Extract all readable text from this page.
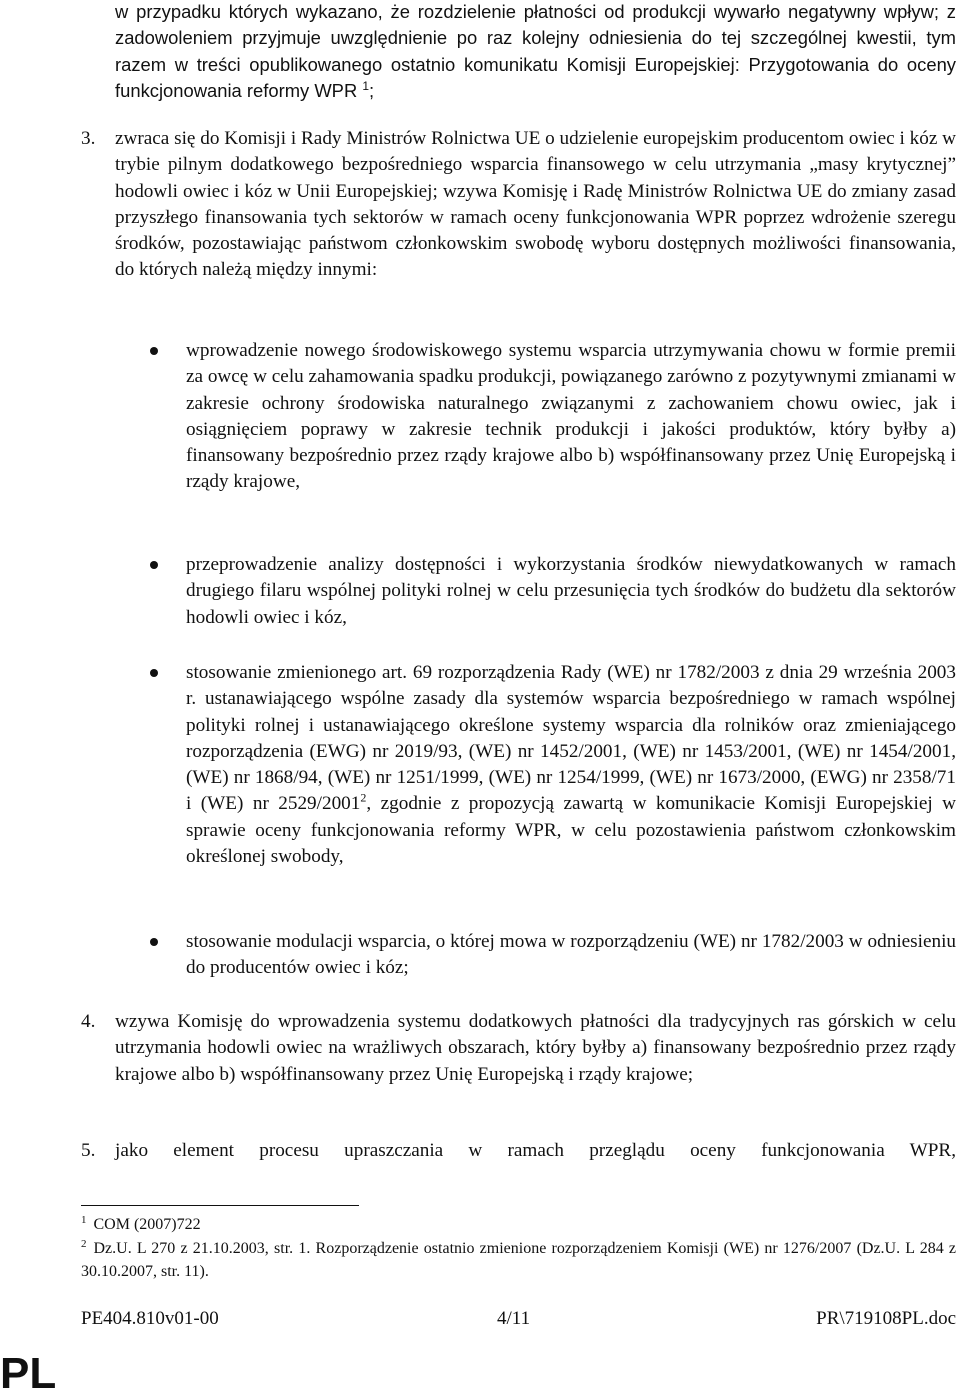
w przypadku których wykazano, że rozdzielenie płatności od produkcji wywarło negatywny wpływ; z zadowoleniem przyjmuje uwzględnienie po raz kolejny odniesienia do tej szczególnej kwestii, tym razem w treści opublikowanego ostatnio komunikatu Komisji Europejskiej: Przygotowania do oceny funkcjonowania reformy WPR $^1$;
3. zwraca się do Komisji i Rady Ministrów Rolnictwa UE o udzielenie europejskim producentom owiec i kóz w trybie pilnym dodatkowego bezpośredniego wsparcia finansowego w celu utrzymania „masy krytycznej” hodowli owiec i kóz w Unii Europejskiej; wzywa Komisję i Radę Ministrów Rolnictwa UE do zmiany zasad przyszłego finansowania tych sektorów w ramach oceny funkcjonowania WPR poprzez wdrożenie szeregu środków, pozostawiając państwom członkowskim swobodę wyboru dostępnych możliwości finansowania, do których należą między innymi:
wprowadzenie nowego środowiskowego systemu wsparcia utrzymywania chowu w formie premii za owcę w celu zahamowania spadku produkcji, powiązanego zarówno z pozytywnymi zmianami w zakresie ochrony środowiska naturalnego związanymi z zachowaniem chowu owiec, jak i osiągnięciem poprawy w zakresie technik produkcji i jakości produktów, który byłby a) finansowany bezpośrednio przez rządy krajowe albo b) współfinansowany przez Unię Europejską i rządy krajowe,
przeprowadzenie analizy dostępności i wykorzystania środków niewydatkowanych w ramach drugiego filaru wspólnej polityki rolnej w celu przesunięcia tych środków do budżetu dla sektorów hodowli owiec i kóz,
stosowanie zmienionego art. 69 rozporządzenia Rady (WE) nr 1782/2003 z dnia 29 września 2003 r. ustanawiającego wspólne zasady dla systemów wsparcia bezpośredniego w ramach wspólnej polityki rolnej i ustanawiającego określone systemy wsparcia dla rolników oraz zmieniającego rozporządzenia (EWG) nr 2019/93, (WE) nr 1452/2001, (WE) nr 1453/2001, (WE) nr 1454/2001, (WE) nr 1868/94, (WE) nr 1251/1999, (WE) nr 1254/1999, (WE) nr 1673/2000, (EWG) nr 2358/71 i (WE) nr 2529/2001$^2$, zgodnie z propozycją zawartą w komunikacie Komisji Europejskiej w sprawie oceny funkcjonowania reformy WPR, w celu pozostawienia państwom członkowskim określonej swobody,
stosowanie modulacji wsparcia, o której mowa w rozporządzeniu (WE) nr 1782/2003 w odniesieniu do producentów owiec i kóz;
4. wzywa Komisję do wprowadzenia systemu dodatkowych płatności dla tradycyjnych ras górskich w celu utrzymania hodowli owiec na wrażliwych obszarach, który byłby a) finansowany bezpośrednio przez rządy krajowe albo b) współfinansowany przez Unię Europejską i rządy krajowe;
5. jako element procesu upraszczania w ramach przeglądu oceny funkcjonowania WPR,
$^1$ COM (2007)722
$^2$ Dz.U. L 270 z 21.10.2003, str. 1. Rozporządzenie ostatnio zmienione rozporządzeniem Komisji (WE) nr 1276/2007 (Dz.U. L 284 z 30.10.2007, str. 11).
PE404.810v01-00	4/11	PR\719108PL.doc
PL
